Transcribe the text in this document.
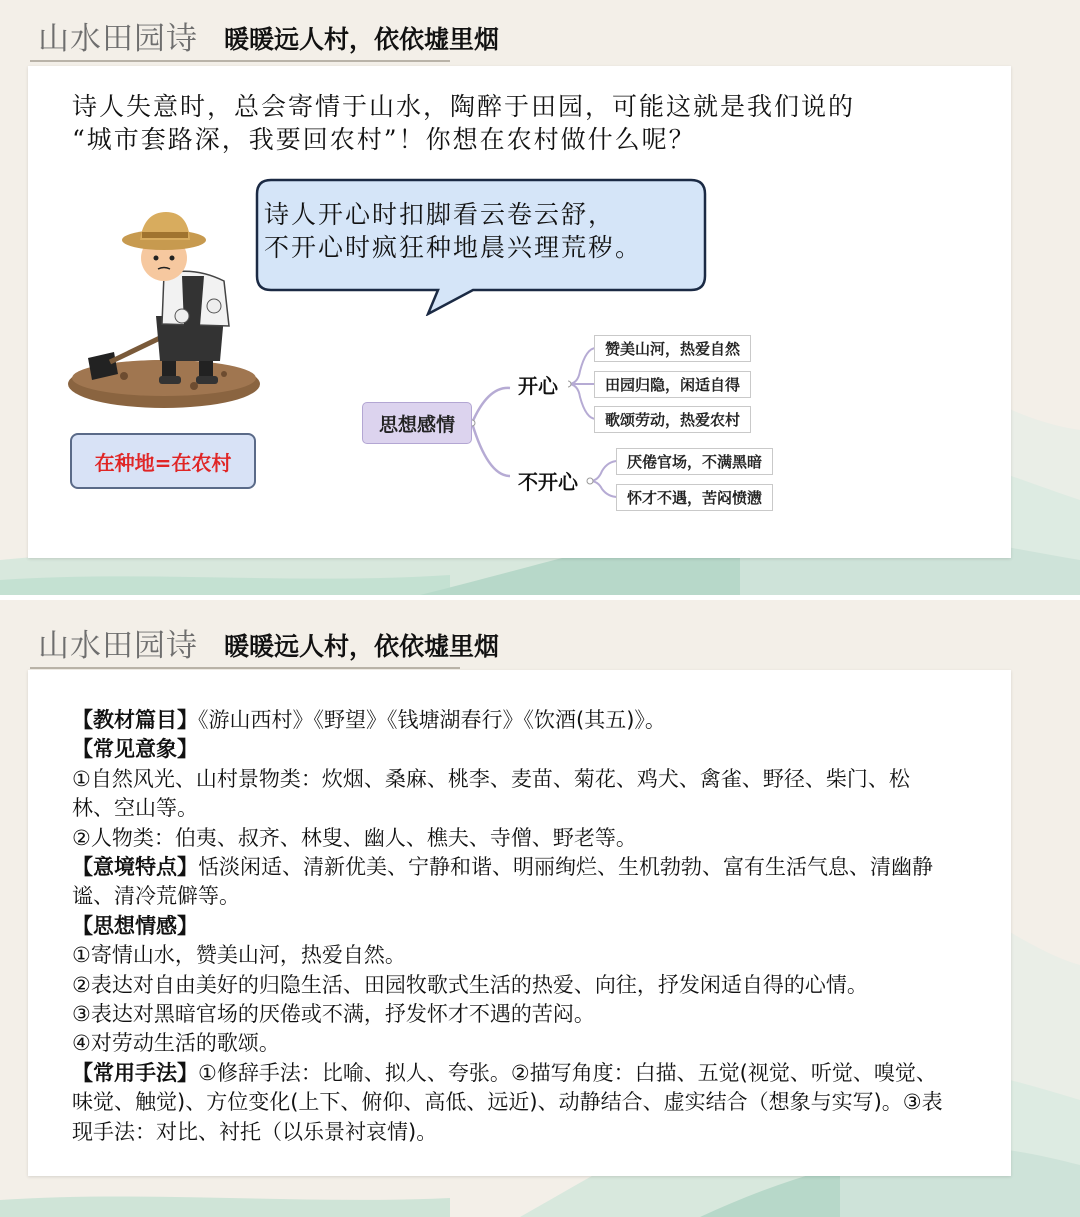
山水田园诗 暖暖远人村，依依墟里烟
诗人失意时，总会寄情于山水，陶醉于田园，可能这就是我们说的
“城市套路深，我要回农村”！你想在农村做什么呢？
诗人开心时扣脚看云卷云舒，
不开心时疯狂种地晨兴理荒秽。
在种地=在农村
思想感情
开心
不开心
赞美山河，热爱自然
田园归隐，闲适自得
歌颂劳动，热爱农村
厌倦官场，不满黑暗
怀才不遇，苦闷愤懑
山水田园诗 暖暖远人村，依依墟里烟

【教材篇目】《游山西村》《野望》《钱塘湖春行》《饮酒(其五)》。

【常见意象】

①自然风光、山村景物类：炊烟、桑麻、桃李、麦苗、菊花、鸡犬、禽雀、野径、柴门、松

林、空山等。

②人物类：伯夷、叔齐、林叟、幽人、樵夫、寺僧、野老等。

【意境特点】恬淡闲适、清新优美、宁静和谐、明丽绚烂、生机勃勃、富有生活气息、清幽静

谧、清冷荒僻等。

【思想情感】

①寄情山水，赞美山河，热爱自然。

②表达对自由美好的归隐生活、田园牧歌式生活的热爱、向往，抒发闲适自得的心情。

③表达对黑暗官场的厌倦或不满，抒发怀才不遇的苦闷。

④对劳动生活的歌颂。

【常用手法】①修辞手法：比喻、拟人、夸张。②描写角度：白描、五觉(视觉、听觉、嗅觉、

味觉、触觉)、方位变化(上下、俯仰、高低、远近)、动静结合、虚实结合（想象与实写)。③表

现手法：对比、衬托（以乐景衬哀情)。
